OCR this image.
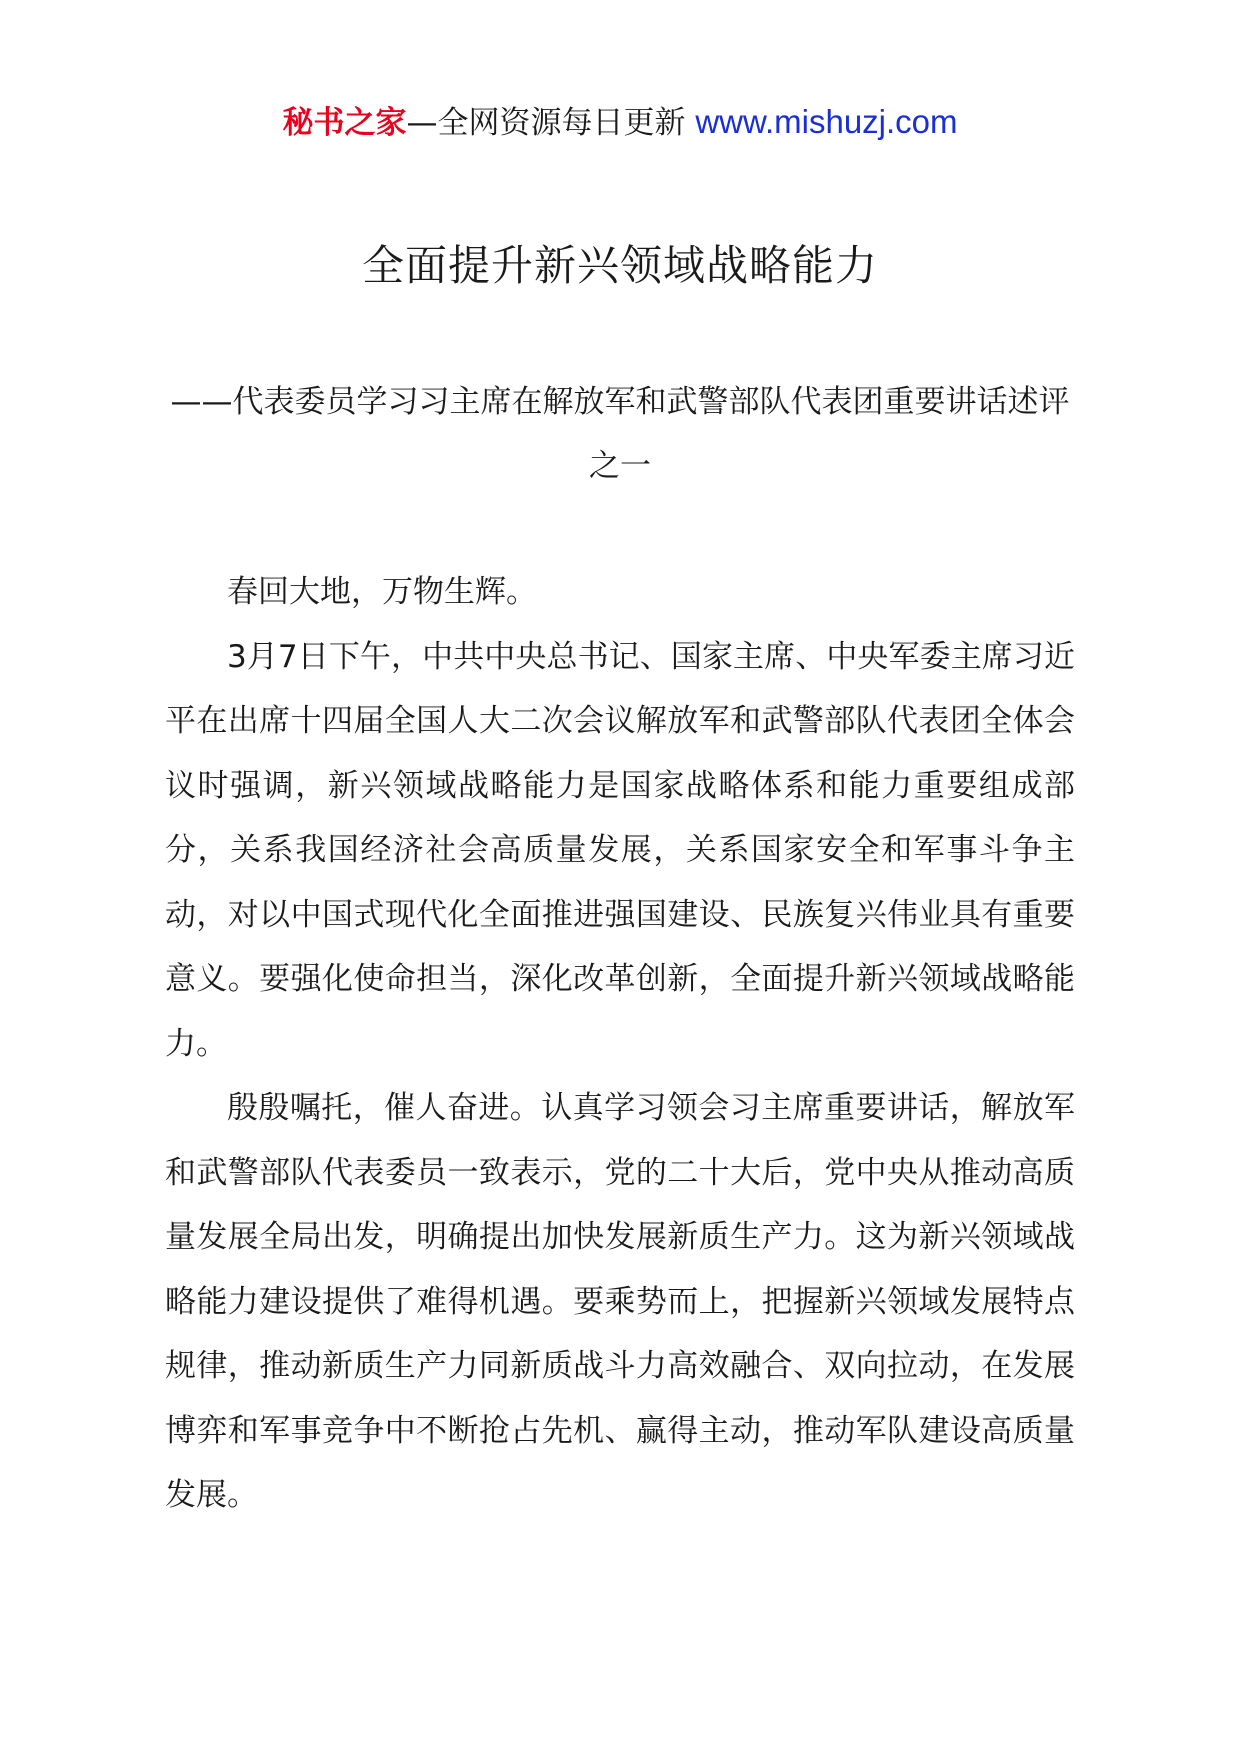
秘书之家—全网资源每日更新 www.mishuzj.com
全面提升新兴领域战略能力
——代表委员学习习主席在解放军和武警部队代表团重要讲话述评之一

春回大地，万物生辉。

3月7日下午，中共中央总书记、国家主席、中央军委主席习近平在出席十四届全国人大二次会议解放军和武警部队代表团全体会议时强调，新兴领域战略能力是国家战略体系和能力重要组成部分，关系我国经济社会高质量发展，关系国家安全和军事斗争主动，对以中国式现代化全面推进强国建设、民族复兴伟业具有重要意义。要强化使命担当，深化改革创新，全面提升新兴领域战略能力。

殷殷嘱托，催人奋进。认真学习领会习主席重要讲话，解放军和武警部队代表委员一致表示，党的二十大后，党中央从推动高质量发展全局出发，明确提出加快发展新质生产力。这为新兴领域战略能力建设提供了难得机遇。要乘势而上，把握新兴领域发展特点规律，推动新质生产力同新质战斗力高效融合、双向拉动，在发展博弈和军事竞争中不断抢占先机、赢得主动，推动军队建设高质量发展。
